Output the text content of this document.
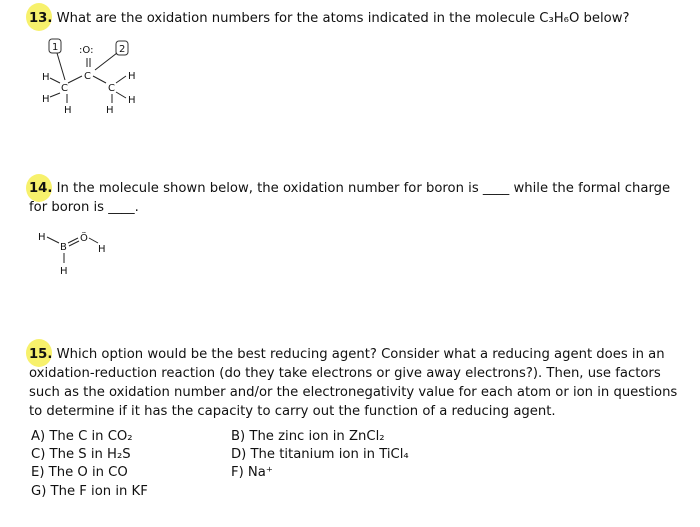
13. What are the oxidation numbers for the atoms indicated in the molecule C₃H₆O below?
1	2
:O:
C
C	C
H
H
H
H
H
H
H
B
Ö
H
H
14. In the molecule shown below, the oxidation number for boron is ____ while the formal charge
for boron is ____.
15. Which option would be the best reducing agent? Consider what a reducing agent does in an
oxidation-reduction reaction (do they take electrons or give away electrons?). Then, use factors
such as the oxidation number and/or the electronegativity value for each atom or ion in questions
to determine if it has the capacity to carry out the function of a reducing agent.
A) The C in CO₂	B) The zinc ion in ZnCl₂
C) The S in H₂S	D) The titanium ion in TiCl₄
E) The O in CO	F) Na⁺
G) The F ion in KF
